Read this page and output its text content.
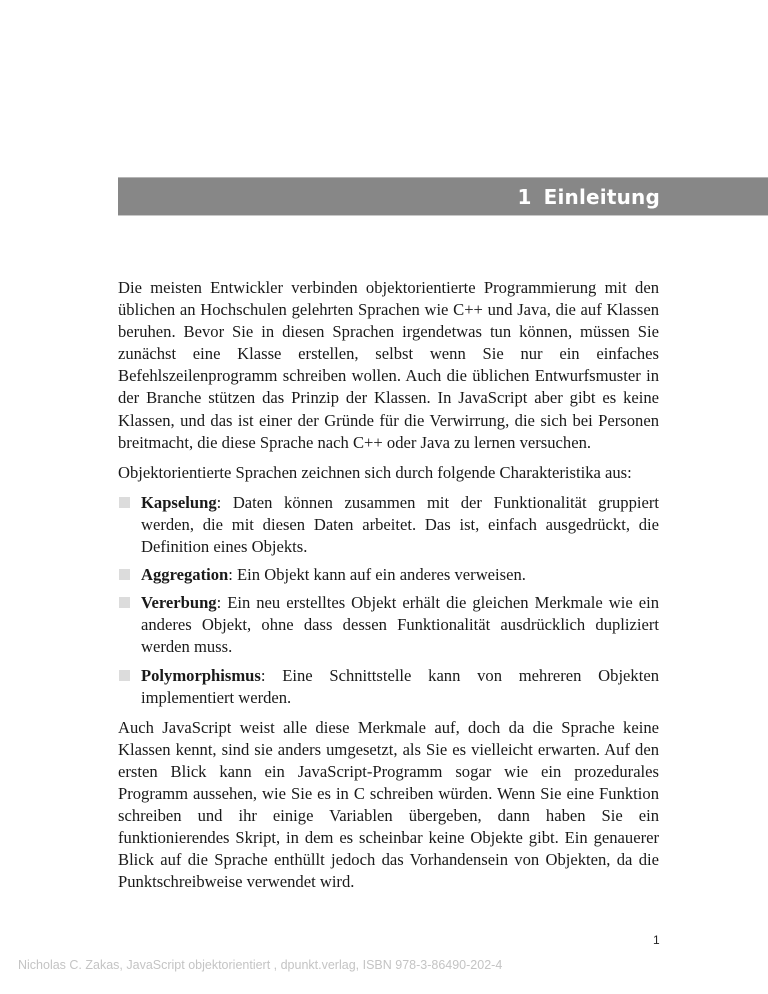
1 Einleitung

Die meisten Entwickler verbinden objektorientierte Programmierung mit den üblichen an Hochschulen gelehrten Sprachen wie C++ und Java, die auf Klassen beruhen. Bevor Sie in diesen Sprachen irgendetwas tun können, müssen Sie zunächst eine Klasse erstellen, selbst wenn Sie nur ein einfaches Befehlszeilenprogramm schreiben wollen. Auch die üblichen Entwurfsmuster in der Branche stützen das Prinzip der Klassen. In JavaScript aber gibt es keine Klassen, und das ist einer der Gründe für die Verwirrung, die sich bei Personen breitmacht, die diese Sprache nach C++ oder Java zu lernen versuchen.

Objektorientierte Sprachen zeichnen sich durch folgende Charakteristika aus:

Kapselung: Daten können zusammen mit der Funktionalität gruppiert werden, die mit diesen Daten arbeitet. Das ist, einfach ausgedrückt, die Definition eines Objekts.
Aggregation: Ein Objekt kann auf ein anderes verweisen.
Vererbung: Ein neu erstelltes Objekt erhält die gleichen Merkmale wie ein anderes Objekt, ohne dass dessen Funktionalität ausdrücklich dupliziert werden muss.
Polymorphismus: Eine Schnittstelle kann von mehreren Objekten implementiert werden.

Auch JavaScript weist alle diese Merkmale auf, doch da die Sprache keine Klassen kennt, sind sie anders umgesetzt, als Sie es vielleicht erwarten. Auf den ersten Blick kann ein JavaScript-Programm sogar wie ein prozedurales Programm aussehen, wie Sie es in C schreiben würden. Wenn Sie eine Funktion schreiben und ihr einige Variablen übergeben, dann haben Sie ein funktionierendes Skript, in dem es scheinbar keine Objekte gibt. Ein genauerer Blick auf die Sprache enthüllt jedoch das Vorhandensein von Objekten, da die Punktschreibweise verwendet wird.

1
Nicholas C. Zakas, JavaScript objektorientiert , dpunkt.verlag, ISBN 978-3-86490-202-4
